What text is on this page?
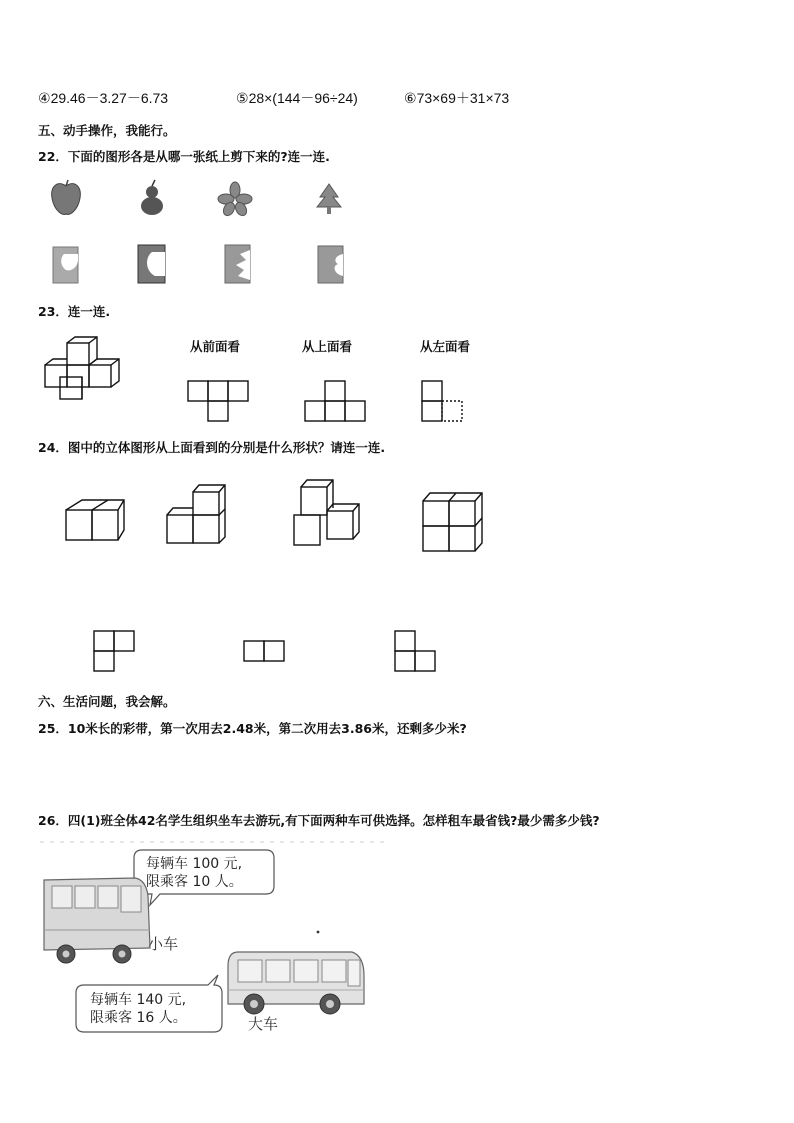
④29.46－3.27－6.73	⑤28×(144－96÷24)	⑥73×69＋31×73
五、动手操作，我能行。
22．下面的图形各是从哪一张纸上剪下来的?连一连.
23．连一连.
从前面看	从上面看	从左面看
24．图中的立体图形从上面看到的分别是什么形状？请连一连.
六、生活问题，我会解。
25．10米长的彩带，第一次用去2.48米，第二次用去3.86米，还剩多少米?
26．四(1)班全体42名学生组织坐车去游玩,有下面两种车可供选择。怎样租车最省钱?最少需多少钱?
每辆车 100 元,
限乘客 10 人。
小车
每辆车 140 元,
限乘客 16 人。	大车
